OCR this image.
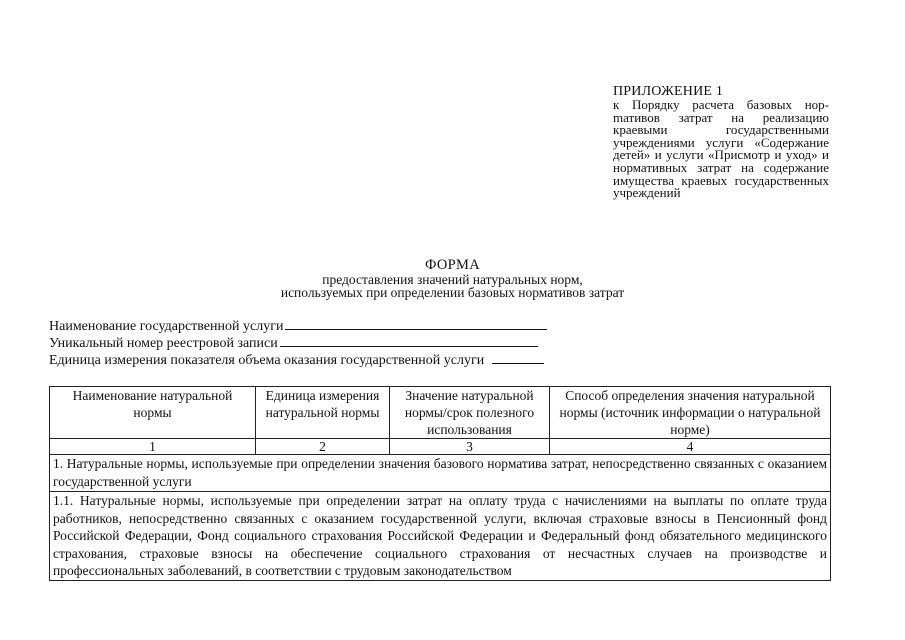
ПРИЛОЖЕНИЕ 1
к Порядку расчета базовых норmативов затрат на реализацию краевыми государственными учреждениями услуги «Содержание детей» и услуги «Присмотр и уход» и нормативных затрат на содержание имущества краевых государственных учреждений
ФОРМА
предоставления значений натуральных норм,
используемых при определении базовых нормативов затрат
Наименование государственной услуги
Уникальный номер реестровой записи
Единица измерения показателя объема оказания государственной услуги
Наименование натуральной нормы	Единица измерения натуральной нормы	Значение натуральной нормы/срок полезного использования	Способ определения значения натуральной нормы (источник информации о натуральной норме)
1	2	3	4
1. Натуральные нормы, используемые при определении значения базового норматива затрат, непосредственно связанных с оказанием государственной услуги			
1.1. Натуральные нормы, используемые при определении затрат на оплату труда с начислениями на выплаты по оплате труда работников, непосредственно связанных с оказанием государственной услуги, включая страховые взносы в Пенсионный фонд Российской Федерации, Фонд социального страхования Российской Федерации и Федеральный фонд обязательного медицинского страхования, страховые взносы на обеспечение социального страхования от несчастных случаев на производстве и профессиональных заболеваний, в соответствии с трудовым законодательством			
